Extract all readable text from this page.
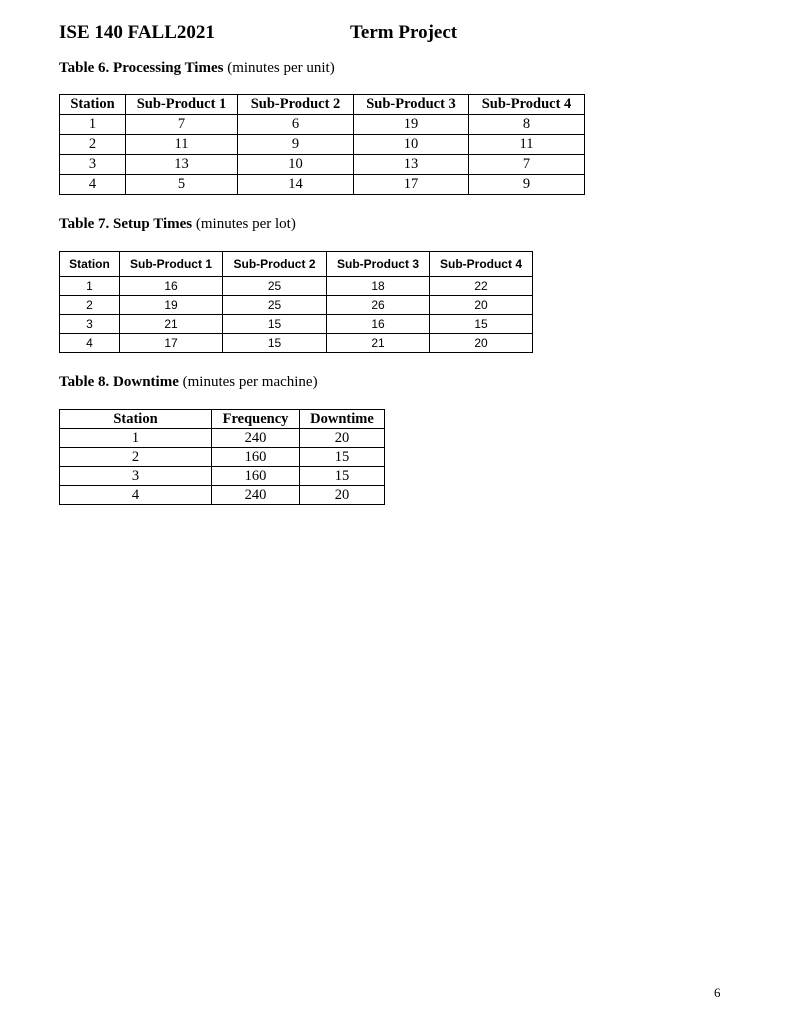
ISE 140 FALL2021	Term Project
Table 6. Processing Times (minutes per unit)
Station	Sub-Product 1	Sub-Product 2	Sub-Product 3	Sub-Product 4
1	7	6	19	8
2	11	9	10	11
3	13	10	13	7
4	5	14	17	9
Table 7. Setup Times (minutes per lot)
Station	Sub-Product 1	Sub-Product 2	Sub-Product 3	Sub-Product 4
1	16	25	18	22
2	19	25	26	20
3	21	15	16	15
4	17	15	21	20
Table 8. Downtime (minutes per machine)
Station	Frequency	Downtime
1	240	20
2	160	15
3	160	15
4	240	20
6
